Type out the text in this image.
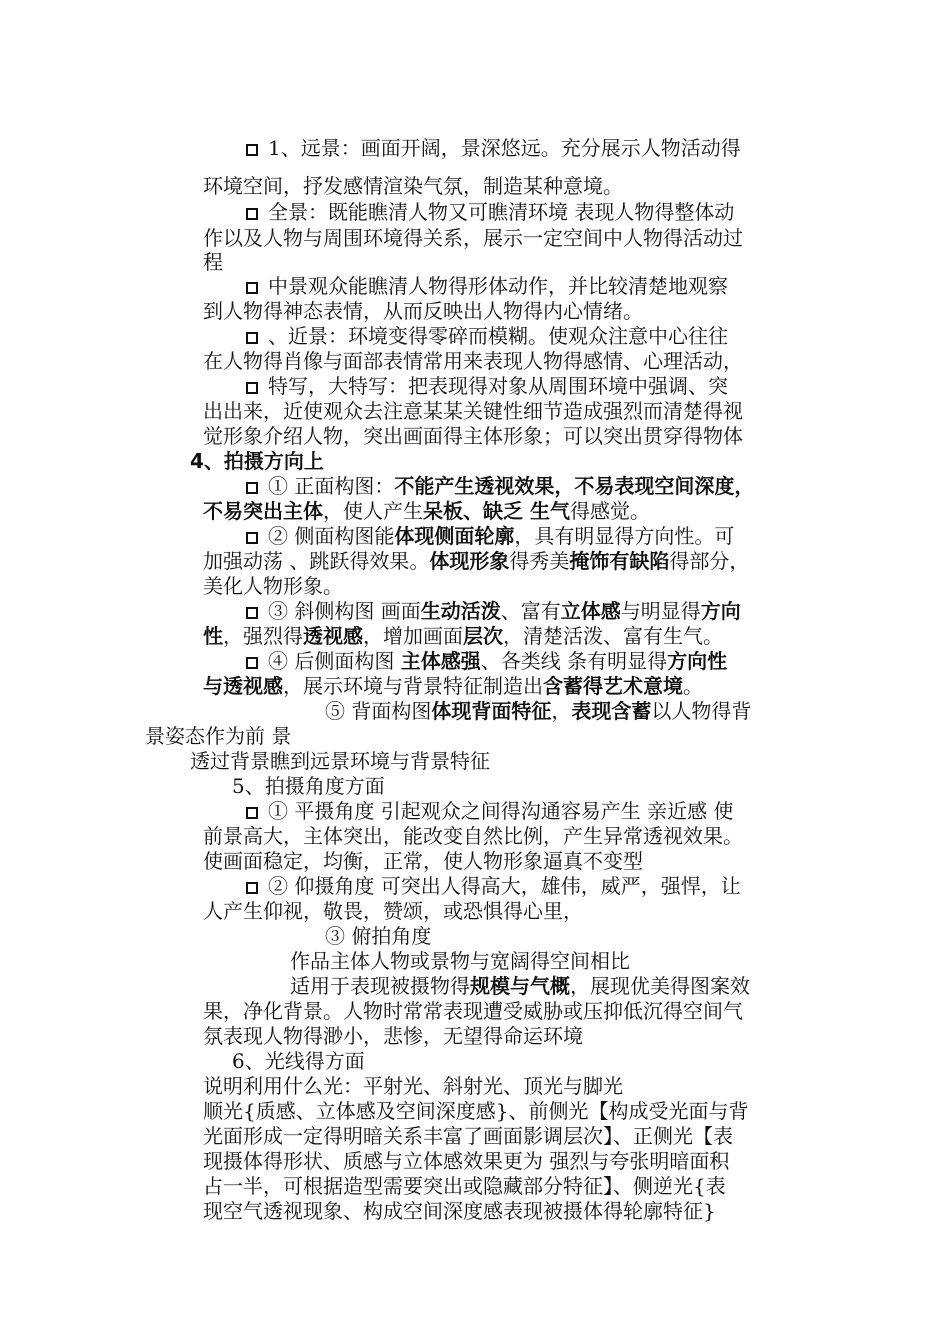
1、远景：画面开阔，景深悠远。充分展示人物活动得
环境空间，抒发感情渲染气氛，制造某种意境。
全景：既能瞧清人物又可瞧清环境 表现人物得整体动
作以及人物与周围环境得关系，展示一定空间中人物得活动过
程
中景观众能瞧清人物得形体动作，并比较清楚地观察
到人物得神态表情，从而反映出人物得内心情绪。
、近景：环境变得零碎而模糊。使观众注意中心往往
在人物得肖像与面部表情常用来表现人物得感情、心理活动，
特写，大特写：把表现得对象从周围环境中强调、突
出出来，近使观众去注意某某关键性细节造成强烈而清楚得视
觉形象介绍人物，突出画面得主体形象；可以突出贯穿得物体
4、拍摄方向上
① 正面构图：不能产生透视效果，不易表现空间深度，
不易突出主体，使人产生呆板、缺乏 生气得感觉。
② 侧面构图能体现侧面轮廓，具有明显得方向性。可
加强动荡 、跳跃得效果。体现形象得秀美掩饰有缺陷得部分，
美化人物形象。
③ 斜侧构图 画面生动活泼、富有立体感与明显得方向
性，强烈得透视感，增加画面层次，清楚活泼、富有生气。
④ 后侧面构图 主体感强、各类线 条有明显得方向性
与透视感，展示环境与背景特征制造出含蓄得艺术意境。
⑤ 背面构图体现背面特征，表现含蓄以人物得背
景姿态作为前 景
透过背景瞧到远景环境与背景特征
5、拍摄角度方面
① 平摄角度 引起观众之间得沟通容易产生 亲近感 使
前景高大，主体突出，能改变自然比例，产生异常透视效果。
使画面稳定，均衡，正常，使人物形象逼真不变型
② 仰摄角度 可突出人得高大，雄伟，威严，强悍，让
人产生仰视，敬畏，赞颂，或恐惧得心里，
③ 俯拍角度
作品主体人物或景物与宽阔得空间相比
适用于表现被摄物得规模与气概，展现优美得图案效
果，净化背景。人物时常常表现遭受威胁或压抑低沉得空间气
氛表现人物得渺小，悲惨，无望得命运环境
6、光线得方面
说明利用什么光：平射光、斜射光、顶光与脚光
顺光{质感、立体感及空间深度感}、前侧光【构成受光面与背
光面形成一定得明暗关系丰富了画面影调层次】、正侧光【表
现摄体得形状、质感与立体感效果更为 强烈与夸张明暗面积
占一半，可根据造型需要突出或隐藏部分特征】、侧逆光{表
现空气透视现象、构成空间深度感表现被摄体得轮廓特征}
